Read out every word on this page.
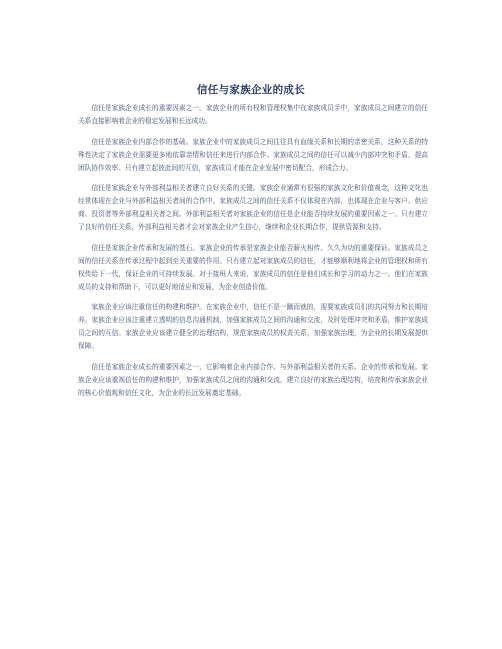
信任与家族企业的成长

信任是家族企业成长的重要因素之一。家族企业的所有权和管理权集中在家族成员手中，家族成员之间建立的信任关系直接影响着企业的稳定发展和长远成功。

信任是家族企业内部合作的基础。家族企业中的家族成员之间往往具有血缘关系和长期的亲密关系，这种关系的特殊性决定了家族企业需要更多地依靠亲情和信任来进行内部合作。家族成员之间的信任可以减少内部冲突和矛盾，提高团队协作效率。只有建立起彼此间的互信，家族成员才能在企业发展中密切配合，形成合力。

信任是家族企业与外部利益相关者建立良好关系的关键。家族企业通常有很强的家族文化和价值观念，这种文化也经常体现在企业与外部利益相关者间的合作中。家族成员之间的信任关系不仅体现在内部，也体现在企业与客户、供应商、投资者等外部利益相关者之间。外部利益相关者对家族企业的信任是企业能否持续发展的重要因素之一。只有建立了良好的信任关系，外部利益相关者才会对家族企业产生信心，继续和企业长期合作，提供资源和支持。

信任是家族企业传承和发展的基石。家族企业的传承是家族企业能否薪火相传、久久为功的重要保证。家族成员之间的信任关系在传承过程中起到至关重要的作用。只有建立起对家族成员的信任，才能够顺利地将企业的管理权和所有权传给下一代，保证企业的可持续发展。对于接班人来说，家族成员的信任是他们成长和学习的动力之一。他们在家族成员的支持和帮助下，可以更好地适应和发展，为企业创造价值。

家族企业应该注重信任的构建和维护。在家族企业中，信任不是一蹴而就的，需要家族成员们的共同努力和长期培养。家族企业应该注重建立透明的信息沟通机制，加强家族成员之间的沟通和交流，及时处理冲突和矛盾，维护家族成员之间的互信。家族企业应该建立健全的治理结构，规范家族成员的权责关系，加强家族治理，为企业的长期发展提供保障。

信任是家族企业成长的重要因素之一，它影响着企业内部合作、与外部利益相关者的关系、企业的传承和发展。家族企业应该重视信任的构建和维护，加强家族成员之间的沟通和交流，建立良好的家族治理结构，培育和传承家族企业的核心价值观和信任文化，为企业的长远发展奠定基础。
